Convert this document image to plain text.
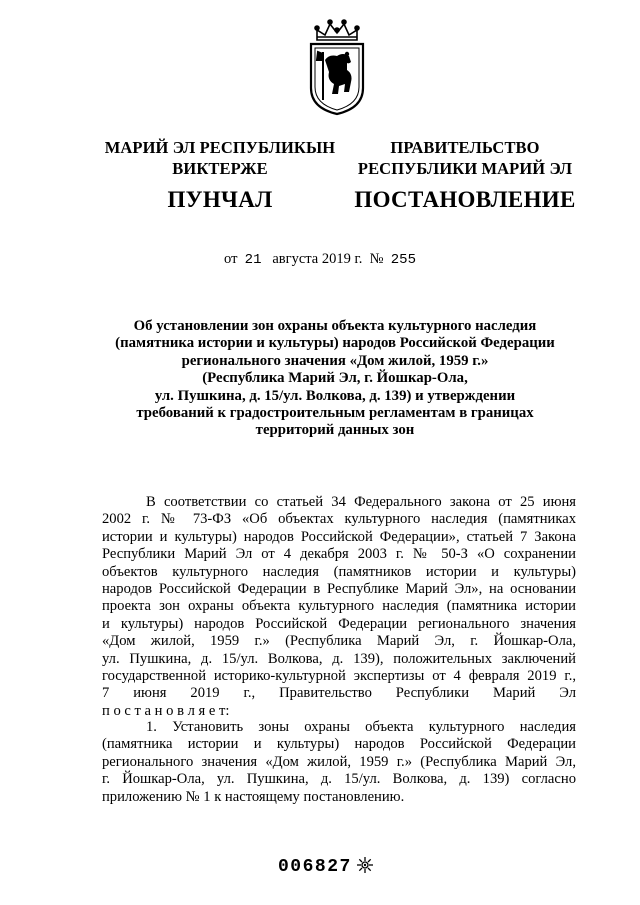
МАРИЙ ЭЛ РЕСПУБЛИКЫН
ВИКТЕРЖЕ
ПУНЧАЛ
ПРАВИТЕЛЬСТВО
РЕСПУБЛИКИ МАРИЙ ЭЛ
ПОСТАНОВЛЕНИЕ
от 21 августа 2019 г. № 255
Об установлении зон охраны объекта культурного наследия
(памятника истории и культуры) народов Российской Федерации
регионального значения «Дом жилой, 1959 г.»
(Республика Марий Эл, г. Йошкар-Ола,
ул. Пушкина, д. 15/ул. Волкова, д. 139) и утверждении
требований к градостроительным регламентам в границах
территорий данных зон
В соответствии со статьей 34 Федерального закона от 25 июня
2002 г. № 73-ФЗ «Об объектах культурного наследия (памятниках
истории и культуры) народов Российской Федерации», статьей 7 Закона
Республики Марий Эл от 4 декабря 2003 г. № 50-З «О сохранении
объектов культурного наследия (памятников истории и культуры)
народов Российской Федерации в Республике Марий Эл», на основании
проекта зон охраны объекта культурного наследия (памятника истории
и культуры) народов Российской Федерации регионального значения
«Дом жилой, 1959 г.» (Республика Марий Эл, г. Йошкар-Ола,
ул. Пушкина, д. 15/ул. Волкова, д. 139), положительных заключений
государственной историко-культурной экспертизы от 4 февраля 2019 г.,
7 июня 2019 г., Правительство Республики Марий Эл
п о с т а н о в л я е т:
1. Установить зоны охраны объекта культурного наследия
(памятника истории и культуры) народов Российской Федерации
регионального значения «Дом жилой, 1959 г.» (Республика Марий Эл,
г. Йошкар-Ола, ул. Пушкина, д. 15/ул. Волкова, д. 139) согласно
приложению № 1 к настоящему постановлению.
006827
